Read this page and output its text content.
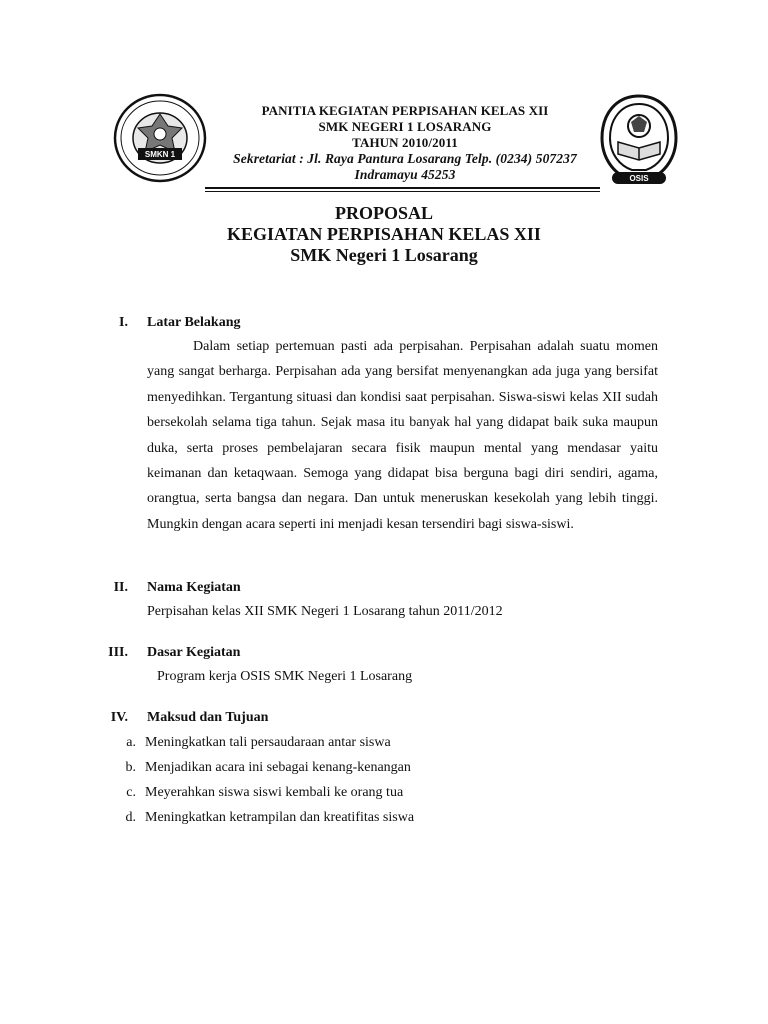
SMKN 1
PANITIA KEGIATAN PERPISAHAN KELAS XII
SMK NEGERI 1 LOSARANG
TAHUN 2010/2011
Sekretariat : Jl. Raya Pantura Losarang Telp. (0234) 507237
Indramayu 45253	OSIS
PROPOSAL
KEGIATAN PERPISAHAN KELAS XII
SMK Negeri 1 Losarang
I. Latar Belakang
Dalam setiap pertemuan pasti ada perpisahan. Perpisahan adalah suatu momen yang sangat berharga. Perpisahan ada yang bersifat menyenangkan ada juga yang bersifat menyedihkan. Tergantung situasi dan kondisi saat perpisahan. Siswa-siswi kelas XII sudah bersekolah selama tiga tahun. Sejak masa itu banyak hal yang didapat baik suka maupun duka, serta proses pembelajaran secara fisik maupun mental yang mendasar yaitu keimanan dan ketaqwaan. Semoga yang didapat bisa berguna bagi diri sendiri, agama, orangtua, serta bangsa dan negara. Dan untuk meneruskan kesekolah yang lebih tinggi. Mungkin dengan acara seperti ini menjadi kesan tersendiri bagi siswa-siswi.
II. Nama Kegiatan
Perpisahan kelas XII SMK Negeri 1 Losarang tahun 2011/2012
III. Dasar Kegiatan
Program kerja OSIS SMK Negeri 1 Losarang
IV. Maksud dan Tujuan
a. Meningkatkan tali persaudaraan antar siswa
b. Menjadikan acara ini sebagai kenang-kenangan
c. Meyerahkan siswa siswi kembali ke orang tua
d. Meningkatkan ketrampilan dan kreatifitas siswa
